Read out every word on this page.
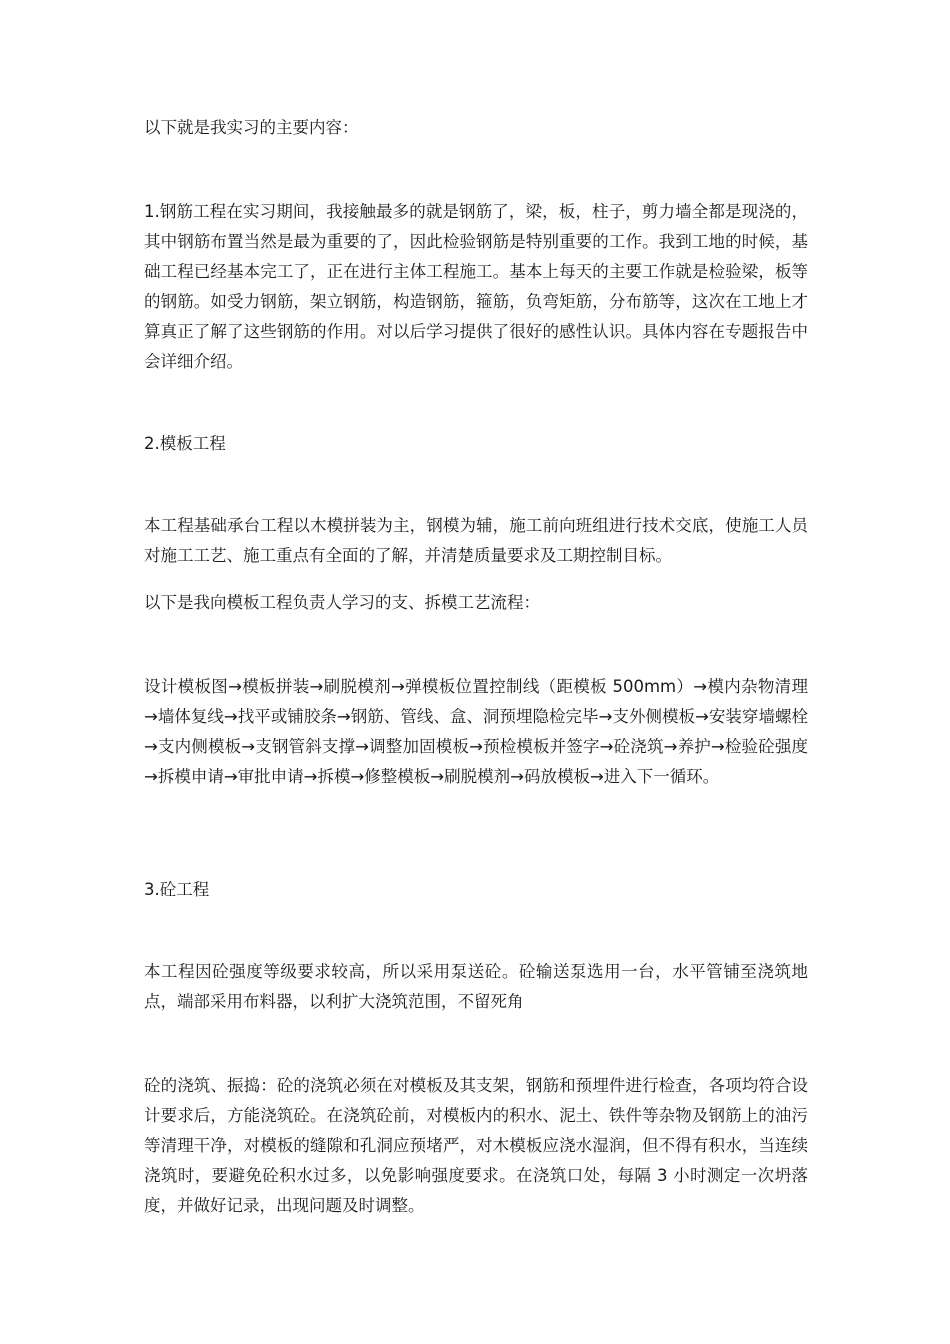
以下就是我实习的主要内容：

1.钢筋工程在实习期间，我接触最多的就是钢筋了，梁，板，柱子，剪力墙全都是现浇的，其中钢筋布置当然是最为重要的了，因此检验钢筋是特别重要的工作。我到工地的时候，基础工程已经基本完工了，正在进行主体工程施工。基本上每天的主要工作就是检验梁，板等的钢筋。如受力钢筋，架立钢筋，构造钢筋，箍筋，负弯矩筋，分布筋等，这次在工地上才算真正了解了这些钢筋的作用。对以后学习提供了很好的感性认识。具体内容在专题报告中会详细介绍。

2.模板工程

本工程基础承台工程以木模拼装为主，钢模为辅，施工前向班组进行技术交底，使施工人员对施工工艺、施工重点有全面的了解，并清楚质量要求及工期控制目标。

以下是我向模板工程负责人学习的支、拆模工艺流程：

设计模板图→模板拼装→刷脱模剂→弹模板位置控制线（距模板 500mm）→模内杂物清理→墙体复线→找平或铺胶条→钢筋、管线、盒、洞预埋隐检完毕→支外侧模板→安装穿墙螺栓→支内侧模板→支钢管斜支撑→调整加固模板→预检模板并签字→砼浇筑→养护→检验砼强度→拆模申请→审批申请→拆模→修整模板→刷脱模剂→码放模板→进入下一循环。

3.砼工程

本工程因砼强度等级要求较高，所以采用泵送砼。砼输送泵选用一台，水平管铺至浇筑地点，端部采用布料器，以利扩大浇筑范围，不留死角

砼的浇筑、振捣：砼的浇筑必须在对模板及其支架，钢筋和预埋件进行检查，各项均符合设计要求后，方能浇筑砼。在浇筑砼前，对模板内的积水、泥土、铁件等杂物及钢筋上的油污等清理干净，对模板的缝隙和孔洞应预堵严，对木模板应浇水湿润，但不得有积水，当连续浇筑时，要避免砼积水过多，以免影响强度要求。在浇筑口处，每隔 3 小时测定一次坍落度，并做好记录，出现问题及时调整。
